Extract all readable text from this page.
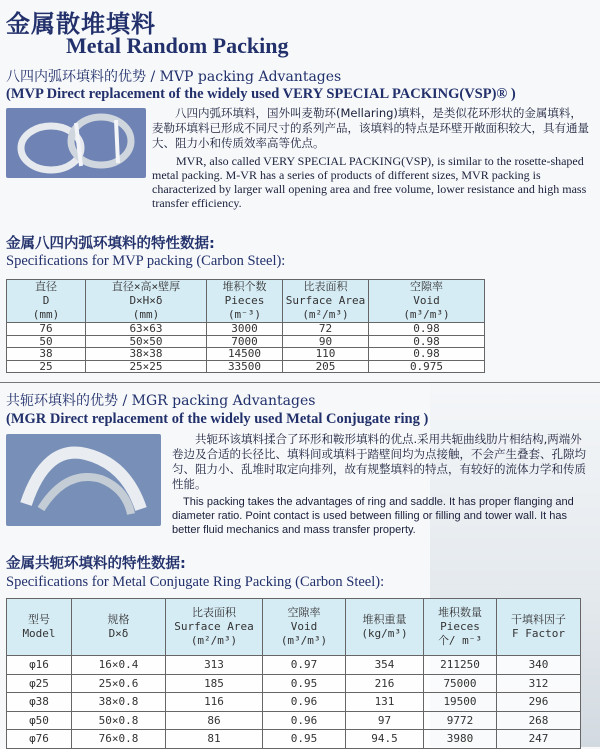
金属散堆填料
Metal Random Packing
八四内弧环填料的优势 / MVP packing Advantages
(MVP Direct replacement of the widely used VERY SPECIAL PACKING(VSP)® )

八四内弧环填料，国外叫麦勒环(Mellaring)填料，是类似花环形状的金属填料，麦勒环填料已形成不同尺寸的系列产品，该填料的特点是环壁开敞面积较大，具有通量大、阻力小和传质效率高等优点。

MVR, also called VERY SPECIAL PACKING(VSP), is similar to the rosette-shaped metal packing. M-VR has a series of products of different sizes, MVR packing is characterized by larger wall opening area and free volume, lower resistance and high mass transfer efficiency.

金属八四内弧环填料的特性数据:
Specifications for MVP packing (Carbon Steel):
直径
D
(mm)	直径×高×壁厚
D×H×δ
(mm)	堆积个数
Pieces
(m⁻³)	比表面积
Surface Area
(m²/m³)	空隙率
Void
(m³/m³)
76	63×63	3000	72	0.98
50	50×50	7000	90	0.98
38	38×38	14500	110	0.98
25	25×25	33500	205	0.975
共轭环填料的优势 / MGR packing Advantages
(MGR Direct replacement of the widely used Metal Conjugate ring )

共轭环该填料揉合了环形和鞍形填料的优点.采用共轭曲线肋片相结构,两端外卷边及合适的长径比、填料间或填料于踏壁间均为点接触，不会产生叠套、孔隙均匀、阻力小、乱堆时取定向排列，故有规整填料的特点，有较好的流体力学和传质性能。

This packing takes the advantages of ring and saddle. It has proper flanging and diameter ratio. Point contact is used between filling or filling and tower wall. It has better fluid mechanics and mass transfer property.

金属共轭环填料的特性数据:
Specifications for Metal Conjugate Ring Packing (Carbon Steel):
型号
Model	规格
D×δ	比表面积
Surface Area
(m²/m³)	空隙率
Void
(m³/m³)	堆积重量
(kg/m³)	堆积数量
Pieces
个/ m⁻³	干填料因子
F Factor
φ16	16×0.4	313	0.97	354	211250	340
φ25	25×0.6	185	0.95	216	75000	312
φ38	38×0.8	116	0.96	131	19500	296
φ50	50×0.8	86	0.96	97	9772	268
φ76	76×0.8	81	0.95	94.5	3980	247
